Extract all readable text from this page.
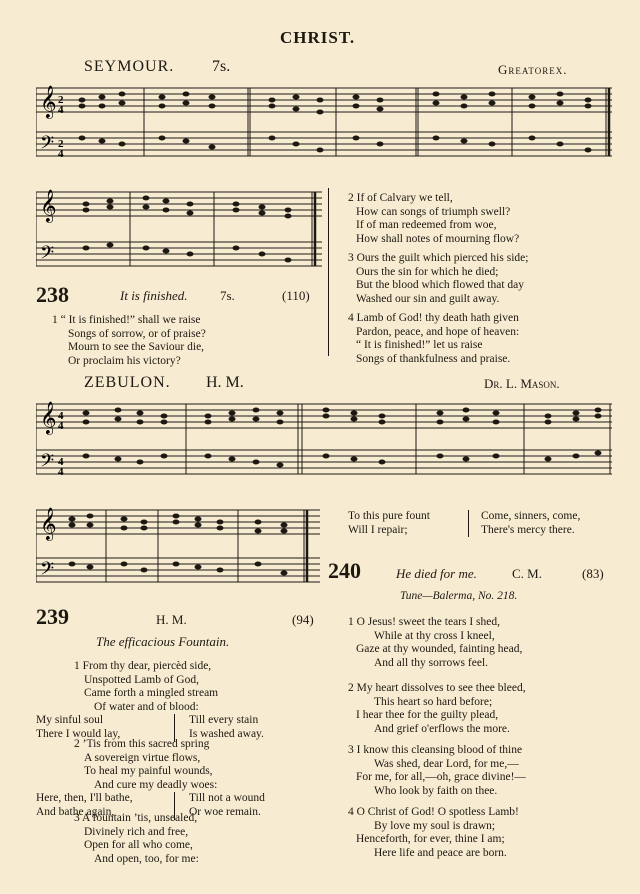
CHRIST.
SEYMOUR. 7s.	Greatorex.
𝄞
𝄢
2
4
2
4
𝄞
𝄢
238	It is finished. 7s.	(110)
1 “ It is finished!” shall we raise
Songs of sorrow, or of praise?
Mourn to see the Saviour die,
Or proclaim his victory?
2 If of Calvary we tell,
How can songs of triumph swell?
If of man redeemed from woe,
How shall notes of mourning flow?
3 Ours the guilt which pierced his side;
Ours the sin for which he died;
But the blood which flowed that day
Washed our sin and guilt away.
4 Lamb of God! thy death hath given
Pardon, peace, and hope of heaven:
“ It is finished!” let us raise
Songs of thankfulness and praise.
ZEBULON. H. M.	Dr. L. Mason.
𝄞
𝄢
4
4
4
4
𝄞
𝄢
To this pure fount	Come, sinners, come,
Will I repair;	There's mercy there.
239	H. M.	(94)
The efficacious Fountain.
1 From thy dear, piercèd side,
Unspotted Lamb of God,
Came forth a mingled stream
Of water and of blood:
My sinful soul	Till every stain
There I would lay,	Is washed away.
2 ’Tis from this sacred spring
A sovereign virtue flows,
To heal my painful wounds,
And cure my deadly woes:
Here, then, I'll bathe,	Till not a wound
And bathe again,	Or woe remain.
3 A fountain ’tis, unsealed,
Divinely rich and free,
Open for all who come,
And open, too, for me:
240	He died for me.	C. M.	(83)
Tune—Balerma, No. 218.
1 O Jesus! sweet the tears I shed,
While at thy cross I kneel,
Gaze at thy wounded, fainting head,
And all thy sorrows feel.
2 My heart dissolves to see thee bleed,
This heart so hard before;
I hear thee for the guilty plead,
And grief o'erflows the more.
3 I know this cleansing blood of thine
Was shed, dear Lord, for me,—
For me, for all,—oh, grace divine!—
Who look by faith on thee.
4 O Christ of God! O spotless Lamb!
By love my soul is drawn;
Henceforth, for ever, thine I am;
Here life and peace are born.
